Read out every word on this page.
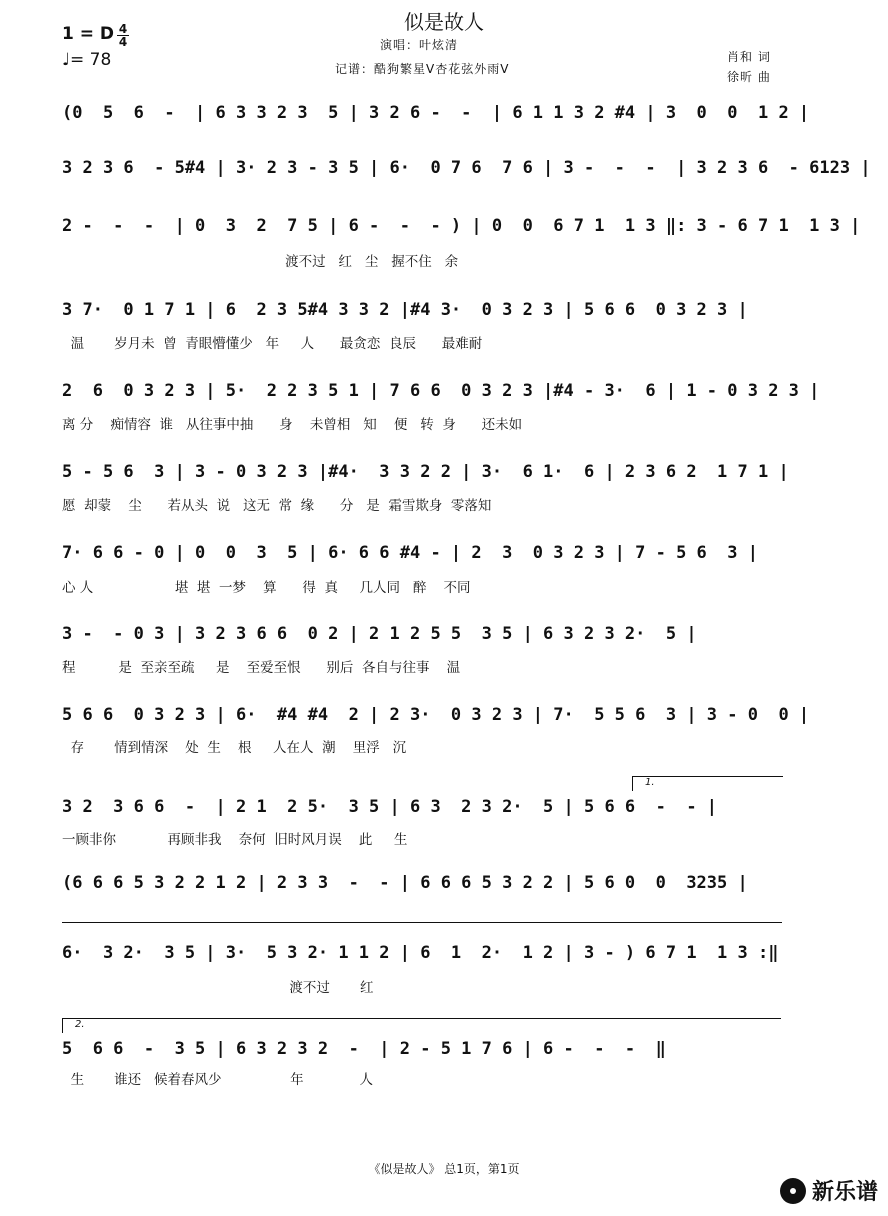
似是故人
演唱：叶炫清
记谱：酷狗繁星V杏花弦外雨V
肖和 词
徐昕 曲
1 = D 4
4
♩= 78
(0  5  6  -  | 6 3 3 2 3  5 | 3 2 6 -  -  | 6 1 1 3 2 #4 | 3  0  0  1 2 |
3 2 3 6  - 5#4 | 3· 2 3 - 3 5 | 6·  0 7 6  7 6 | 3 -  -  -  | 3 2 3 6  - 6123 |
2 -  -  -  | 0  3  2  7 5 | 6 -  -  - ) | 0  0  6 7 1  1 3 ‖: 3 - 6 7 1  1 3 |
渡不过   红   尘   握不住   余
3 7·  0 1 7 1 | 6  2 3 5#4 3 3 2 |#4 3·  0 3 2 3 | 5 6 6  0 3 2 3 |
温       岁月未  曾  青眼懵懂少   年     人      最贪恋  良辰      最难耐
2  6  0 3 2 3 | 5·  2 2 3 5 1 | 7 6 6  0 3 2 3 |#4 - 3·  6 | 1 - 0 3 2 3 |
离 分    痴情容  谁   从往事中抽      身    未曾相   知    便   转  身      还未如
5 - 5 6  3 | 3 - 0 3 2 3 |#4·  3 3 2 2 | 3·  6 1·  6 | 2 3 6 2  1 7 1 |
愿  却蒙    尘      若从头  说   这无  常  缘      分   是  霜雪欺身  零落知
7· 6 6 - 0 | 0  0  3  5 | 6· 6 6 #4 - | 2  3  0 3 2 3 | 7 - 5 6  3 |
心 人                   堪  堪  一梦    算      得  真     几人同   醉    不同
3 -  - 0 3 | 3 2 3 6 6  0 2 | 2 1 2 5 5  3 5 | 6 3 2 3 2·  5 |
程          是  至亲至疏     是    至爱至恨      别后  各自与往事    温
5 6 6  0 3 2 3 | 6·  #4 #4  2 | 2 3·  0 3 2 3 | 7·  5 5 6  3 | 3 - 0  0 |
存       情到情深    处  生    根     人在人  潮    里浮   沉
1.
3 2  3 6 6  -  | 2 1  2 5·  3 5 | 6 3  2 3 2·  5 | 5 6 6  -  - |
一顾非你            再顾非我    奈何  旧时风月误    此     生
(6 6 6 5 3 2 2 1 2 | 2 3 3  -  - | 6 6 6 5 3 2 2 | 5 6 0  0  3235 |
6·  3 2·  3 5 | 3·  5 3 2· 1 1 2 | 6  1  2·  1 2 | 3 - ) 6 7 1  1 3 :‖
渡不过       红
2.
5  6 6  -  3 5 | 6 3 2 3 2  -  | 2 - 5 1 7 6 | 6 -  -  -  ‖
生       谁还   候着春风少                年             人
《似是故人》 总1页，第1页
新乐谱
